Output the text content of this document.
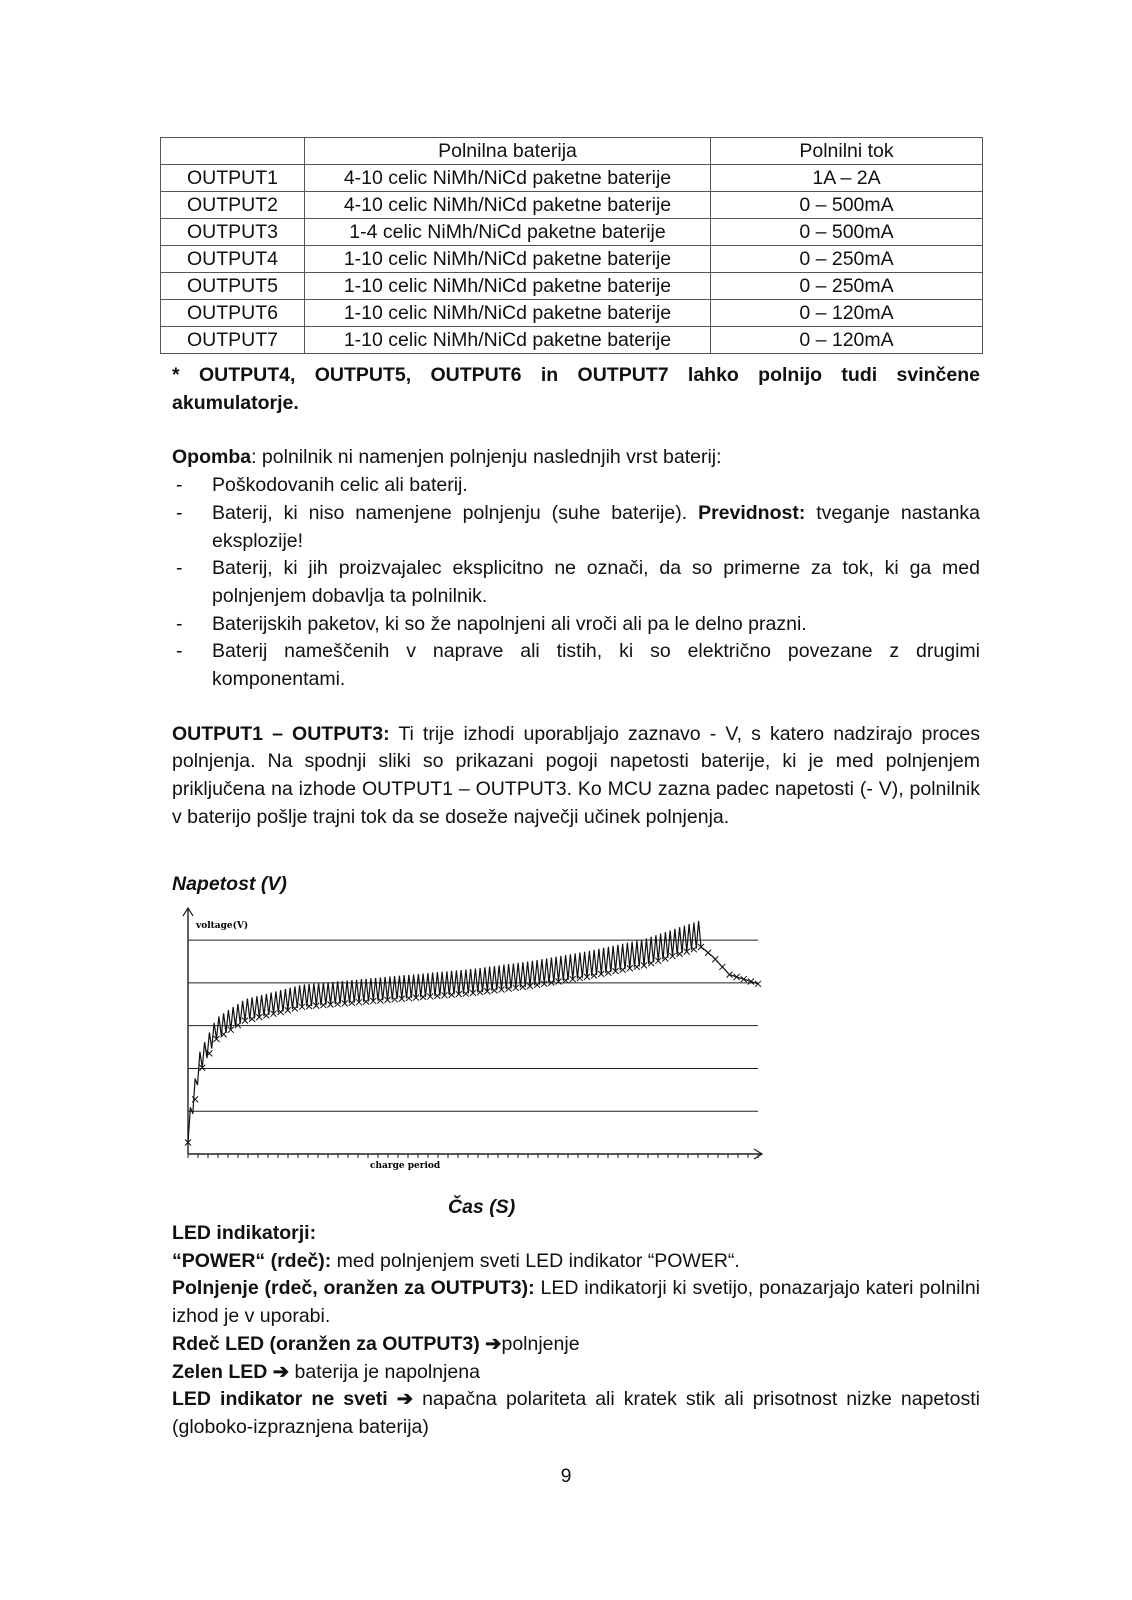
	Polnilna baterija	Polnilni tok
OUTPUT1	4-10 celic NiMh/NiCd paketne baterije	1A – 2A
OUTPUT2	4-10 celic NiMh/NiCd paketne baterije	0 – 500mA
OUTPUT3	1-4 celic NiMh/NiCd paketne baterije	0 – 500mA
OUTPUT4	1-10 celic NiMh/NiCd paketne baterije	0 – 250mA
OUTPUT5	1-10 celic NiMh/NiCd paketne baterije	0 – 250mA
OUTPUT6	1-10 celic NiMh/NiCd paketne baterije	0 – 120mA
OUTPUT7	1-10 celic NiMh/NiCd paketne baterije	0 – 120mA

* OUTPUT4, OUTPUT5, OUTPUT6 in OUTPUT7 lahko polnijo tudi svinčene akumulatorje.

Opomba: polnilnik ni namenjen polnjenju naslednjih vrst baterij:

- Poškodovanih celic ali baterij.
- Baterij, ki niso namenjene polnjenju (suhe baterije). Previdnost: tveganje nastanka eksplozije!
- Baterij, ki jih proizvajalec eksplicitno ne označi, da so primerne za tok, ki ga med polnjenjem dobavlja ta polnilnik.
- Baterijskih paketov, ki so že napolnjeni ali vroči ali pa le delno prazni.
- Baterij nameščenih v naprave ali tistih, ki so električno povezane z drugimi komponentami.

OUTPUT1 – OUTPUT3: Ti trije izhodi uporabljajo zaznavo - V, s katero nadzirajo proces polnjenja. Na spodnji sliki so prikazani pogoji napetosti baterije, ki je med polnjenjem priključena na izhode OUTPUT1 – OUTPUT3. Ko MCU zazna padec napetosti (- V), polnilnik v baterijo pošlje trajni tok da se doseže največji učinek polnjenja.

Napetost (V)
voltage(V)
charge period
Čas (S)

LED indikatorji:

“POWER“ (rdeč): med polnjenjem sveti LED indikator “POWER“.

Polnjenje (rdeč, oranžen za OUTPUT3): LED indikatorji ki svetijo, ponazarjajo kateri polnilni izhod je v uporabi.

Rdeč LED (oranžen za OUTPUT3) ➔polnjenje

Zelen LED ➔ baterija je napolnjena

LED indikator ne sveti ➔ napačna polariteta ali kratek stik ali prisotnost nizke napetosti (globoko-izpraznjena baterija)

9
